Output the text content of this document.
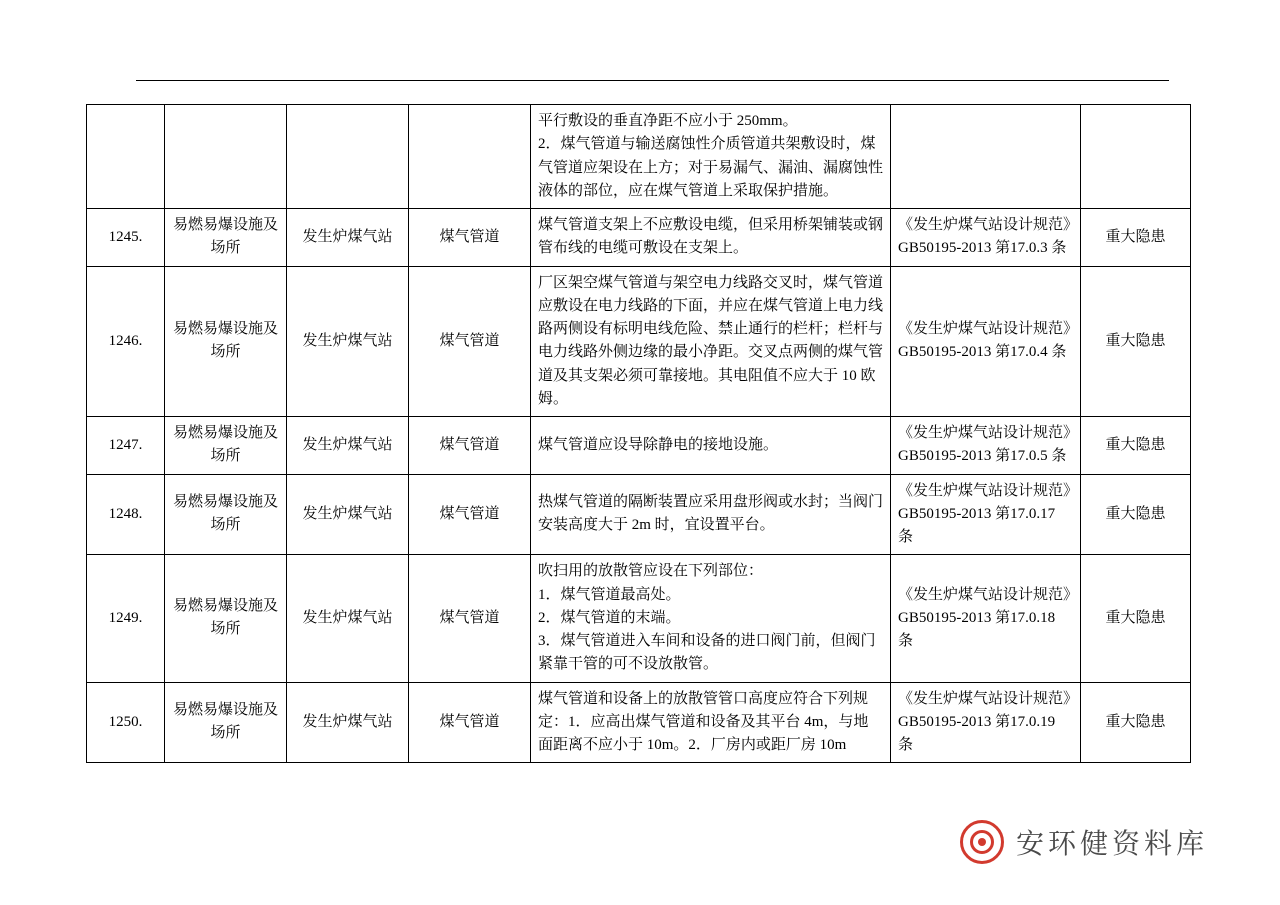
				平行敷设的垂直净距不应小于 250mm。
2．煤气管道与输送腐蚀性介质管道共架敷设时，煤气管道应架设在上方；对于易漏气、漏油、漏腐蚀性液体的部位，应在煤气管道上采取保护措施。		

1245.	易燃易爆设施及场所	发生炉煤气站	煤气管道	煤气管道支架上不应敷设电缆，但采用桥架铺装或钢管布线的电缆可敷设在支架上。	《发生炉煤气站设计规范》GB50195-2013 第17.0.3 条	重大隐患
1246.	易燃易爆设施及场所	发生炉煤气站	煤气管道	厂区架空煤气管道与架空电力线路交叉时，煤气管道应敷设在电力线路的下面，并应在煤气管道上电力线路两侧设有标明电线危险、禁止通行的栏杆；栏杆与电力线路外侧边缘的最小净距。交叉点两侧的煤气管道及其支架必须可靠接地。其电阻值不应大于 10 欧姆。	《发生炉煤气站设计规范》GB50195-2013 第17.0.4 条	重大隐患
1247.	易燃易爆设施及场所	发生炉煤气站	煤气管道	煤气管道应设导除静电的接地设施。	《发生炉煤气站设计规范》GB50195-2013 第17.0.5 条	重大隐患
1248.	易燃易爆设施及场所	发生炉煤气站	煤气管道	热煤气管道的隔断装置应采用盘形阀或水封；当阀门安装高度大于 2m 时，宜设置平台。	《发生炉煤气站设计规范》GB50195-2013 第17.0.17 条	重大隐患
1249.	易燃易爆设施及场所	发生炉煤气站	煤气管道	吹扫用的放散管应设在下列部位：
1．煤气管道最高处。
2．煤气管道的末端。
3．煤气管道进入车间和设备的进口阀门前，但阀门紧靠干管的可不设放散管。	《发生炉煤气站设计规范》GB50195-2013 第17.0.18 条	重大隐患
1250.	易燃易爆设施及场所	发生炉煤气站	煤气管道	煤气管道和设备上的放散管管口高度应符合下列规定：1．应高出煤气管道和设备及其平台 4m，与地面距离不应小于 10m。2．厂房内或距厂房 10m	《发生炉煤气站设计规范》GB50195-2013 第17.0.19 条	重大隐患
安环健资料库
